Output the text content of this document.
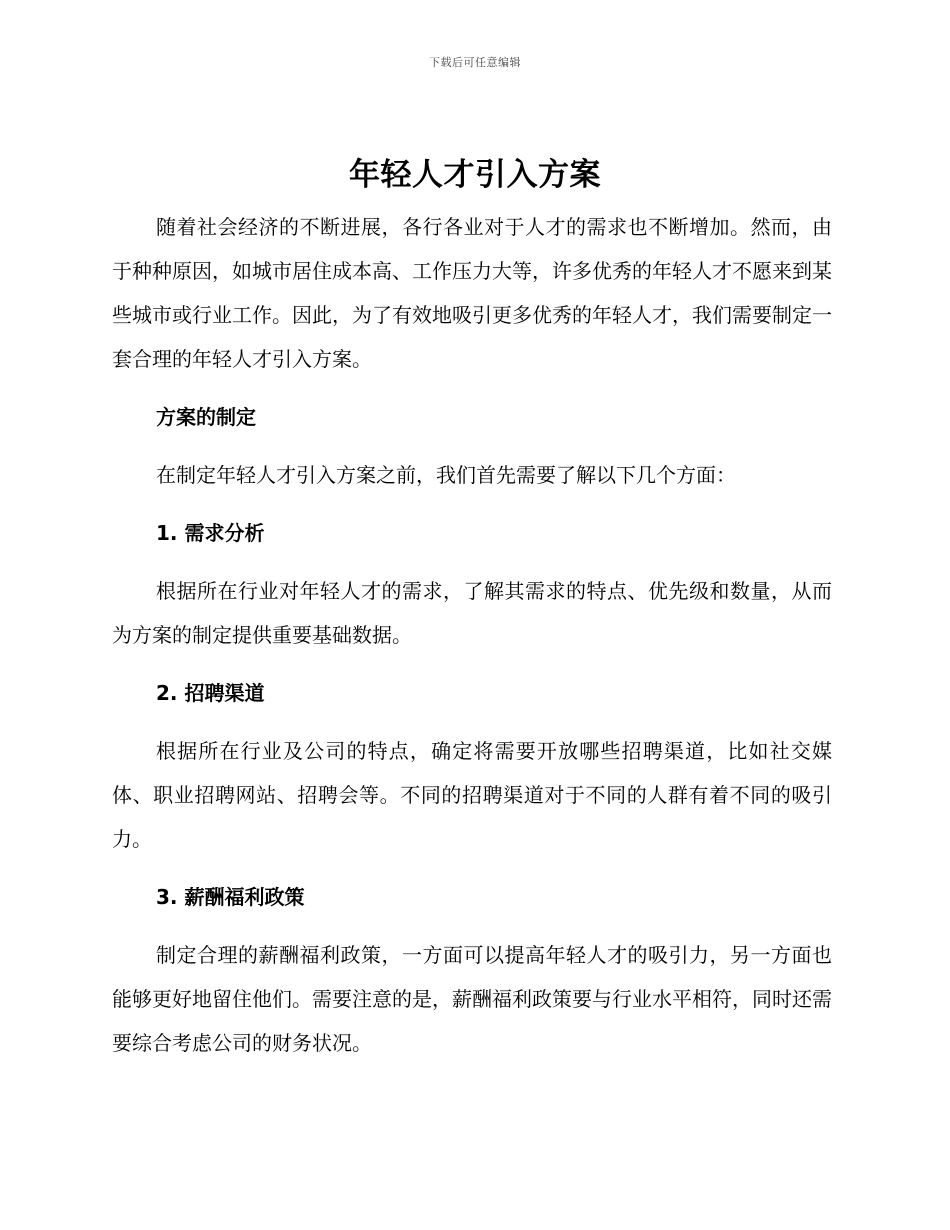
下载后可任意编辑
年轻人才引入方案

随着社会经济的不断进展，各行各业对于人才的需求也不断增加。然而，由于种种原因，如城市居住成本高、工作压力大等，许多优秀的年轻人才不愿来到某些城市或行业工作。因此，为了有效地吸引更多优秀的年轻人才，我们需要制定一套合理的年轻人才引入方案。

方案的制定

在制定年轻人才引入方案之前，我们首先需要了解以下几个方面：

1. 需求分析

根据所在行业对年轻人才的需求，了解其需求的特点、优先级和数量，从而为方案的制定提供重要基础数据。

2. 招聘渠道

根据所在行业及公司的特点，确定将需要开放哪些招聘渠道，比如社交媒体、职业招聘网站、招聘会等。不同的招聘渠道对于不同的人群有着不同的吸引力。

3. 薪酬福利政策

制定合理的薪酬福利政策，一方面可以提高年轻人才的吸引力，另一方面也能够更好地留住他们。需要注意的是，薪酬福利政策要与行业水平相符，同时还需要综合考虑公司的财务状况。
